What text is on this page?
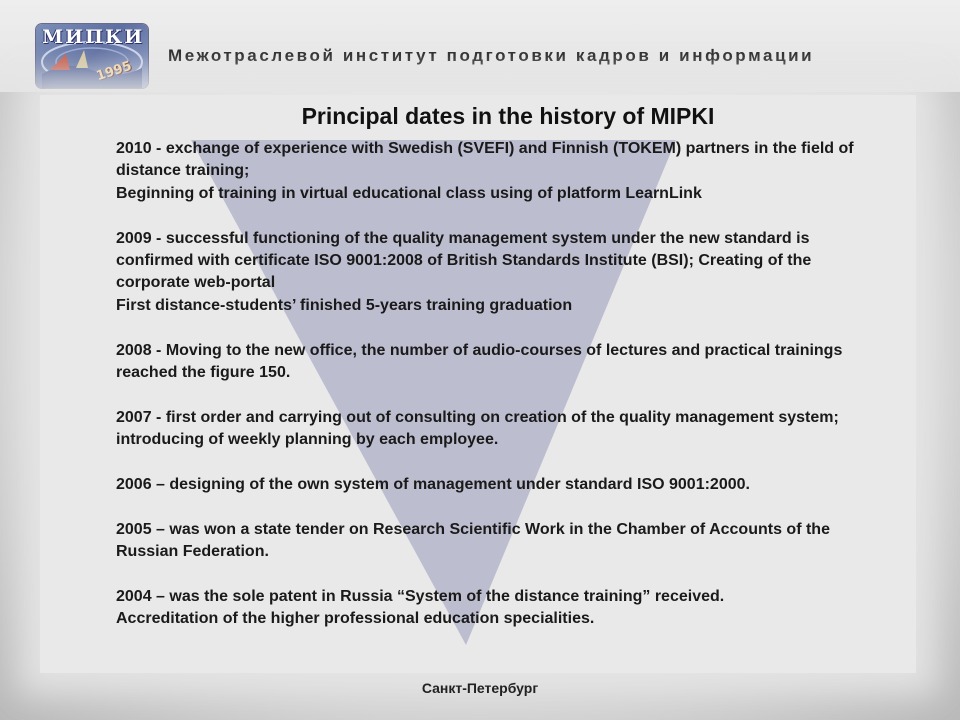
МИПКИ
1995
Межотраслевой институт подготовки кадров и информации
Principal dates in the history of MIPKI

2010 - exchange of experience with Swedish (SVEFI) and Finnish (TOKEM) partners in the field of distance training;

Beginning of training in virtual educational class using of platform LearnLink

2009 - successful functioning of the quality management system under the new standard is confirmed with certificate ISO 9001:2008 of British Standards Institute (BSI); Creating of the corporate web-portal

First distance-students’ finished 5-years training graduation

2008 - Moving to the new office, the number of audio-courses of lectures and practical trainings reached the figure 150.

2007 - first order and carrying out of consulting on creation of the quality management system; introducing of weekly planning by each employee.

2006 – designing of the own system of management under standard ISO 9001:2000.

2005 – was won a state tender on Research Scientific Work in the Chamber of Accounts of the Russian Federation.

2004 – was the sole patent in Russia “System of the distance training” received.

Accreditation of the higher professional education specialities.

Санкт-Петербург
